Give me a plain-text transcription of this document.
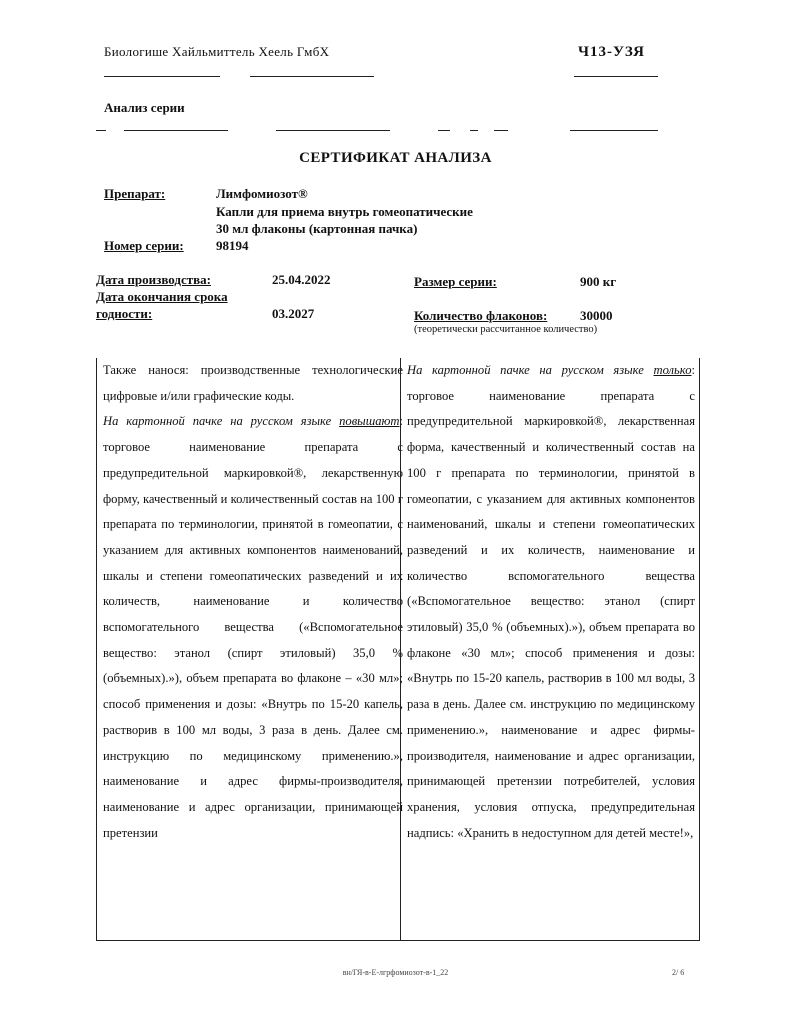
Биологише Хайльмиттель Хеель ГмбХ	Ч13-УЗЯ
Анализ серии
СЕРТИФИКАТ АНАЛИЗА
Препарат:	Лимфомиозот®
Капли для приема внутрь гомеопатические
30 мл флаконы (картонная пачка)
Номер серии: 98194
Дата производства:	25.04.2022	Размер серии:	900 кг
Дата окончания срока
годности:	03.2027	Количество флаконов:	30000
(теоретически рассчитанное количество)
Также нанося: производственные технологические цифровые и/или графические коды.
На картонной пачке на русском языке повышают: торговое наименование препарата с предупредительной маркировкой®, лекарственную форму, качественный и количественный состав на 100 г препарата по терминологии, принятой в гомеопатии, с указанием для активных компонентов наименований, шкалы и степени гомеопатических разведений и их количеств, наименование и количество вспомогательного вещества («Вспомогательное вещество: этанол (спирт этиловый) 35,0 % (объемных).»), объем препарата во флаконе – «30 мл»; способ применения и дозы: «Внутрь по 15-20 капель, растворив в 100 мл воды, 3 раза в день. Далее см. инструкцию по медицинскому применению.», наименование и адрес фирмы-производителя, наименование и адрес организации, принимающей претензии
На картонной пачке на русском языке только: торговое наименование препарата с предупредительной маркировкой®, лекарственная форма, качественный и количественный состав на 100 г препарата по терминологии, принятой в гомеопатии, с указанием для активных компонентов наименований, шкалы и степени гомеопатических разведений и их количеств, наименование и количество вспомогательного вещества («Вспомогательное вещество: этанол (спирт этиловый) 35,0 % (объемных).»), объем препарата во флаконе «30 мл»; способ применения и дозы: «Внутрь по 15-20 капель, растворив в 100 мл воды, 3 раза в день. Далее см. инструкцию по медицинскому применению.», наименование и адрес фирмы-производителя, наименование и адрес организации, принимающей претензии потребителей, условия хранения, условия отпуска, предупредительная надпись: «Хранить в недоступном для детей месте!»,
вн/ГЯ-в-Е-лгрфомиозот-в-1_22	2/ 6
